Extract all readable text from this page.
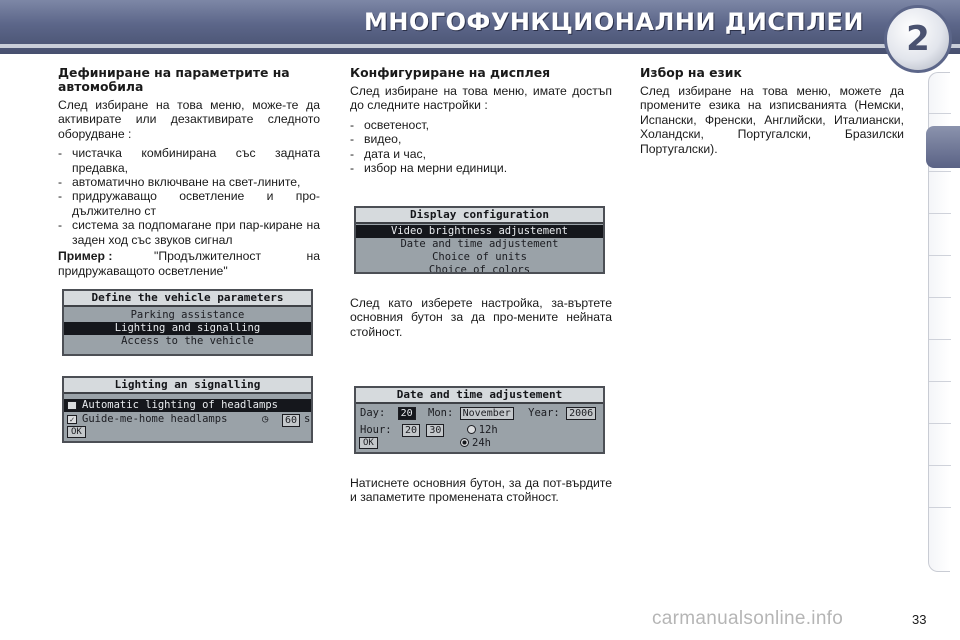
МНОГОФУНКЦИОНАЛНИ ДИСПЛЕИ 2
Дефиниране на параметрите на автомобила
След избиране на това меню, може-те да активирате или дезактивирате следното оборудване :
- чистачка комбинирана със задната предавка,
- автоматично включване на свет-лините,
- придружаващо осветление и про-дължително ст
- система за подпомагане при пар-киране на заден ход със звуков сигнал
Пример :	"Продължителност на придружаващото осветление"
Define the vehicle parameters
Parking assistance
Lighting and signalling
Access to the vehicle
Lighting an signalling
Automatic lighting of headlamps
✓ Guide-me-home headlamps	◷	60 s
OK
Конфигуриране на дисплея
След избиране на това меню, имате достъп до следните настройки :
- осветеност,
- видео,
- дата и час,
- избор на мерни единици.
Display configuration
Video brightness adjustement
Date and time adjustement
Choice of units
Choice of colors
След като изберете настройка, за-въртете основния бутон за да про-мените нейната стойност.
Date and time adjustement
Day: 20 Mon: November Year: 2006
Hour: 20 30	12h
24h
OK
Натиснете основния бутон, за да пот-върдите и запаметите променената стойност.
Избор на език
След избиране на това меню, можете да промените езика на изписванията (Немски, Испански, Френски, Английски, Италиански, Холандски, Португалски, Бразилски Португалски).
carmanualsonline.info	33
